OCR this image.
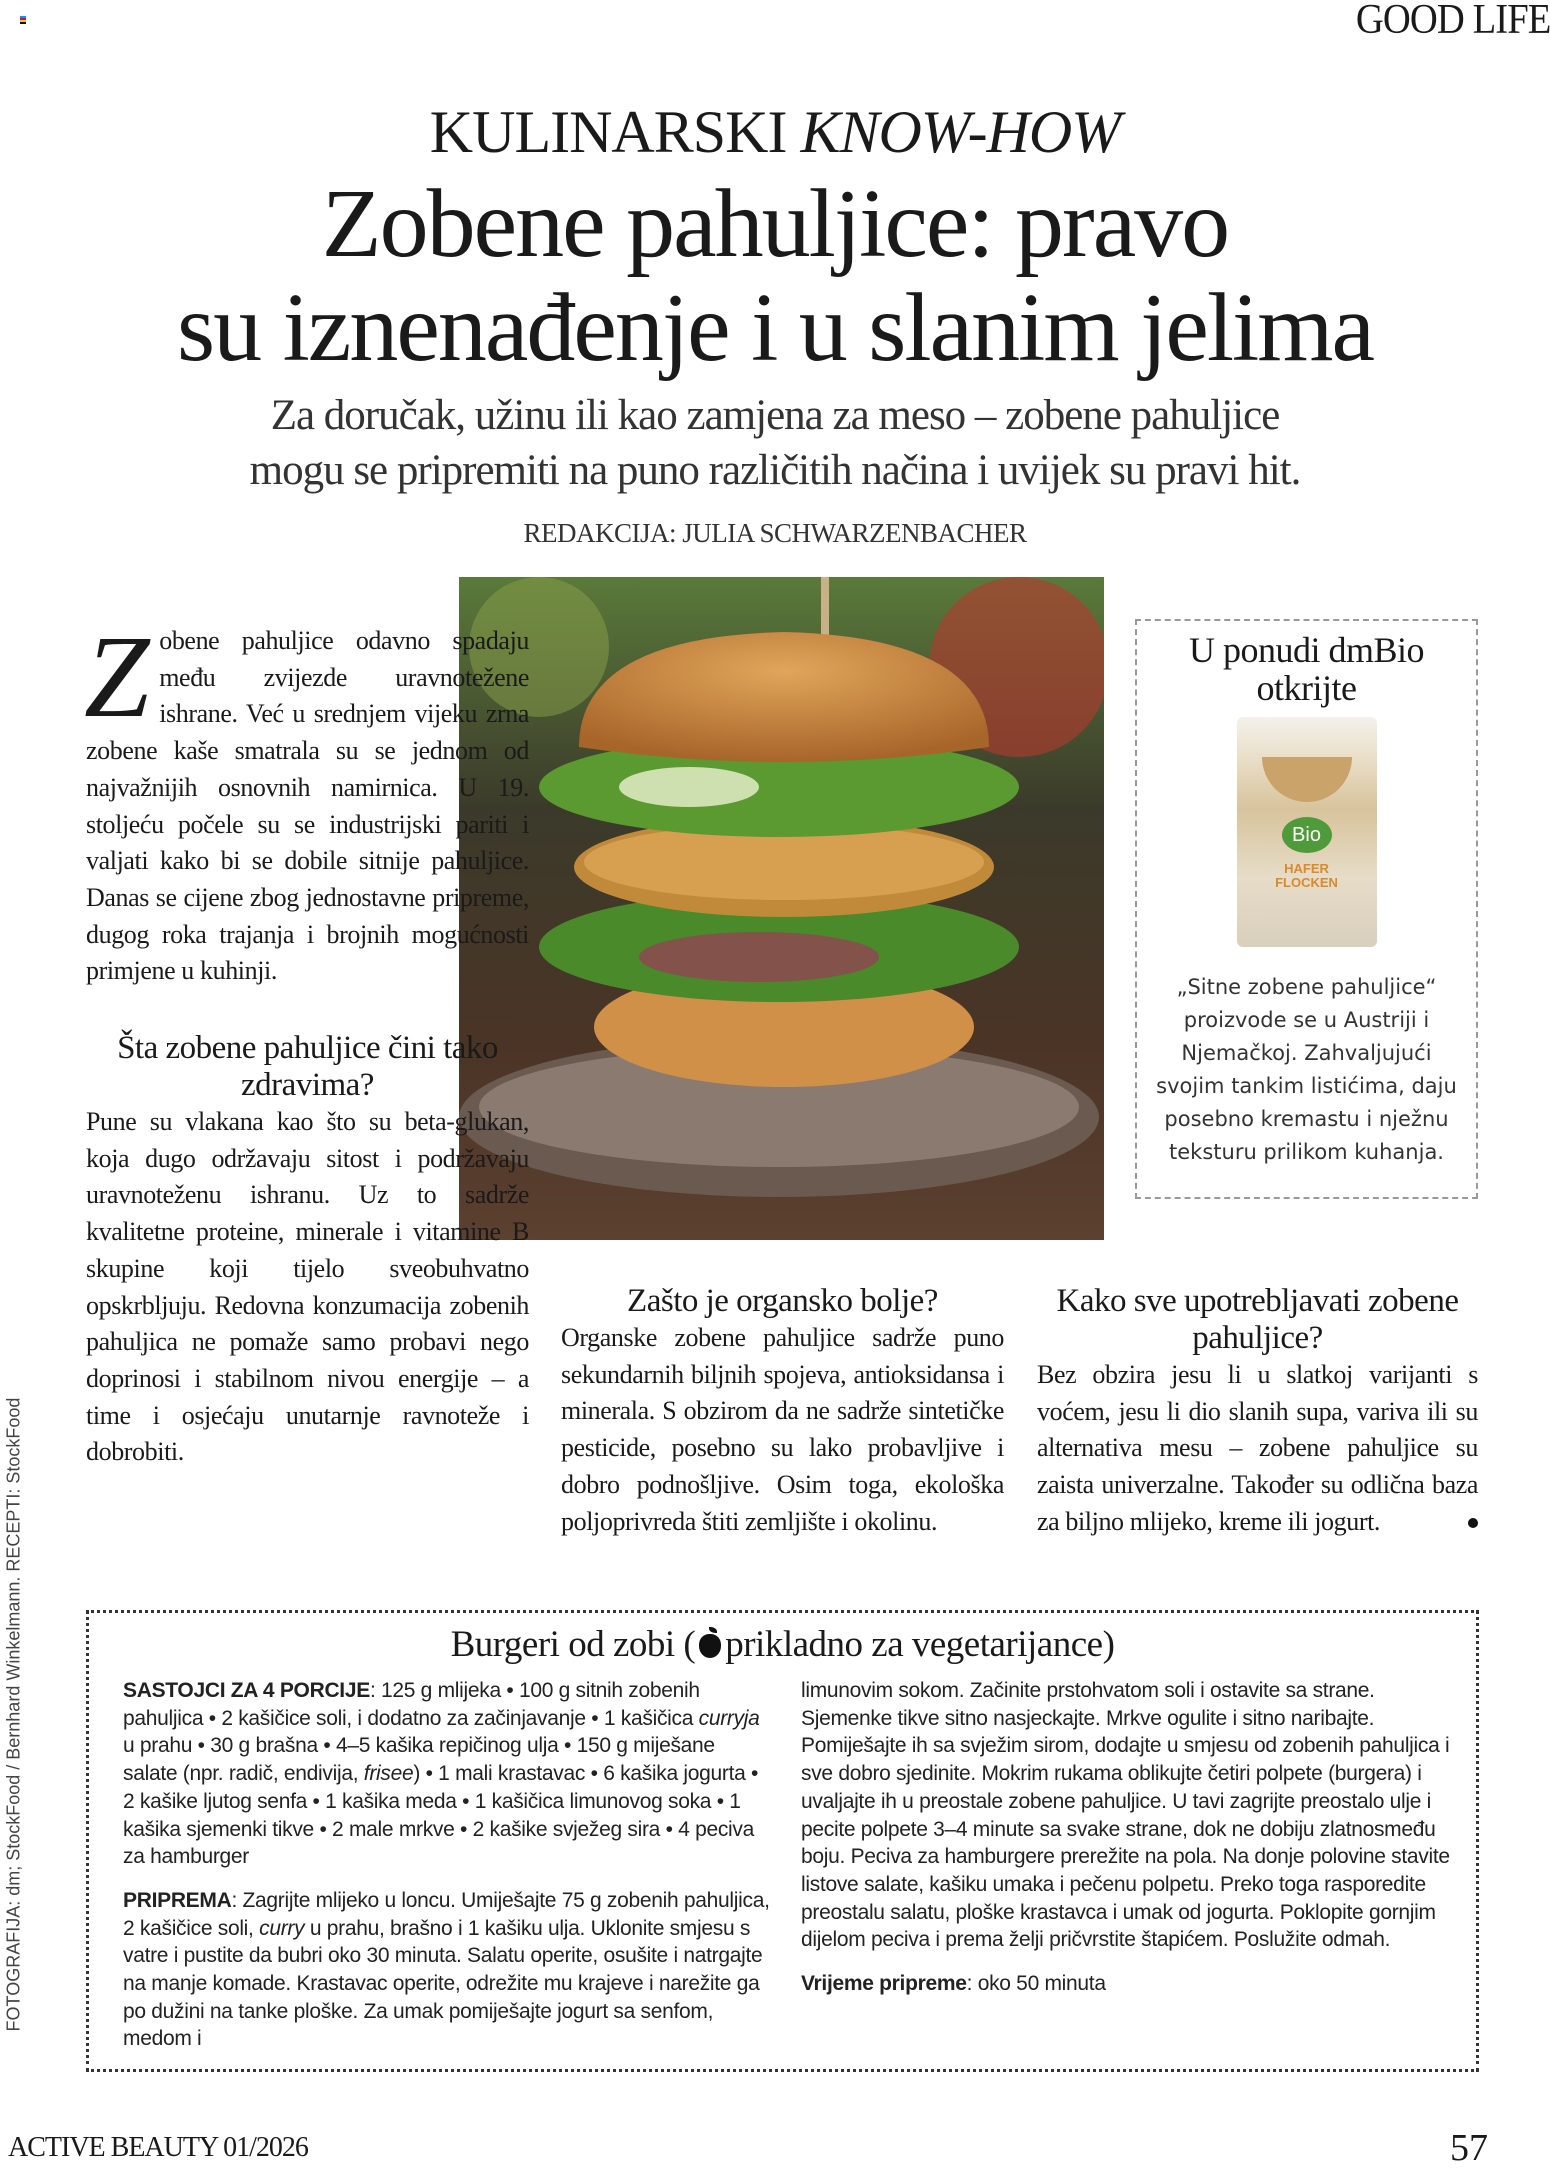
GOOD LIFE
KULINARSKI KNOW-HOW
Zobene pahuljice: pravo
su iznenađenje i u slanim jelima
Za doručak, užinu ili kao zamjena za meso – zobene pahuljice
mogu se pripremiti na puno različitih načina i uvijek su pravi hit.
REDAKCIJA: JULIA SCHWARZENBACHER
U ponudi dmBio otkrijte
Bio
HAFER FLOCKEN
„Sitne zobene pahuljice“ proizvode se u Austriji i Njemačkoj. Zahvaljujući svojim tankim listićima, daju posebno kremastu i nježnu teksturu prilikom kuhanja.
Z obene pahuljice odavno spadaju među zvijezde uravnotežene ishrane. Već u srednjem vijeku zrna zobene kaše smatrala su se jednom od najvažnijih osnovnih namirnica. U 19. stoljeću počele su se industrijski pariti i valjati kako bi se dobile sitnije pahuljice. Danas se cijene zbog jednostavne pripreme, dugog roka trajanja i brojnih mogućnosti primjene u kuhinji.

Šta zobene pahuljice čini tako zdravima?

Pune su vlakana kao što su beta-glukan, koja dugo održavaju sitost i podržavaju uravnoteženu ishranu. Uz to sadrže kvalitetne proteine, minerale i vitamine B skupine koji tijelo sveobuhvatno opskrbljuju. Redovna konzumacija zobenih pahuljica ne pomaže samo probavi nego doprinosi i stabilnom nivou energije – a time i osjećaju unutarnje ravnoteže i dobrobiti.

Zašto je organsko bolje?

Organske zobene pahuljice sadrže puno sekundarnih biljnih spojeva, antioksidansa i minerala. S obzirom da ne sadrže sintetičke pesticide, posebno su lako probavljive i dobro podnošljive. Osim toga, ekološka poljoprivreda štiti zemljište i okolinu.

Kako sve upotrebljavati zobene pahuljice?

Bez obzira jesu li u slatkoj varijanti s voćem, jesu li dio slanih supa, variva ili su alternativa mesu – zobene pahuljice su zaista univerzalne. Također su odlična baza za biljno mlijeko, kreme ili jogurt.

Burgeri od zobi ( prikladno za vegetarijance)

SASTOJCI ZA 4 PORCIJE: 125 g mlijeka • 100 g sitnih zobenih pahuljica • 2 kašičice soli, i dodatno za začinjavanje • 1 kašičica curryja u prahu • 30 g brašna • 4–5 kašika repičinog ulja • 150 g miješane salate (npr. radič, endivija, frisee) • 1 mali krastavac • 6 kašika jogurta • 2 kašike ljutog senfa • 1 kašika meda • 1 kašičica limunovog soka • 1 kašika sjemenki tikve • 2 male mrkve • 2 kašike svježeg sira • 4 peciva za hamburger

PRIPREMA: Zagrijte mlijeko u loncu. Umiješajte 75 g zobenih pahuljica, 2 kašičice soli, curry u prahu, brašno i 1 kašiku ulja. Uklonite smjesu s vatre i pustite da bubri oko 30 minuta. Salatu operite, osušite i natrgajte na manje komade. Krastavac operite, odrežite mu krajeve i narežite ga po dužini na tanke ploške. Za umak pomiješajte jogurt sa senfom, medom i

limunovim sokom. Začinite prstohvatom soli i ostavite sa strane. Sjemenke tikve sitno nasjeckajte. Mrkve ogulite i sitno naribajte. Pomiješajte ih sa svježim sirom, dodajte u smjesu od zobenih pahuljica i sve dobro sjedinite. Mokrim rukama oblikujte četiri polpete (burgera) i uvaljajte ih u preostale zobene pahuljice. U tavi zagrijte preostalo ulje i pecite polpete 3–4 minute sa svake strane, dok ne dobiju zlatnosmeđu boju. Peciva za hamburgere prerežite na pola. Na donje polovine stavite listove salate, kašiku umaka i pečenu polpetu. Preko toga rasporedite preostalu salatu, ploške krastavca i umak od jogurta. Poklopite gornjim dijelom peciva i prema želji pričvrstite štapićem. Poslužite odmah.

Vrijeme pripreme: oko 50 minuta

FOTOGRAFIJA: dm; StockFood / Bernhard Winkelmann. RECEPTI: StockFood
ACTIVE BEAUTY 01/2026	57
